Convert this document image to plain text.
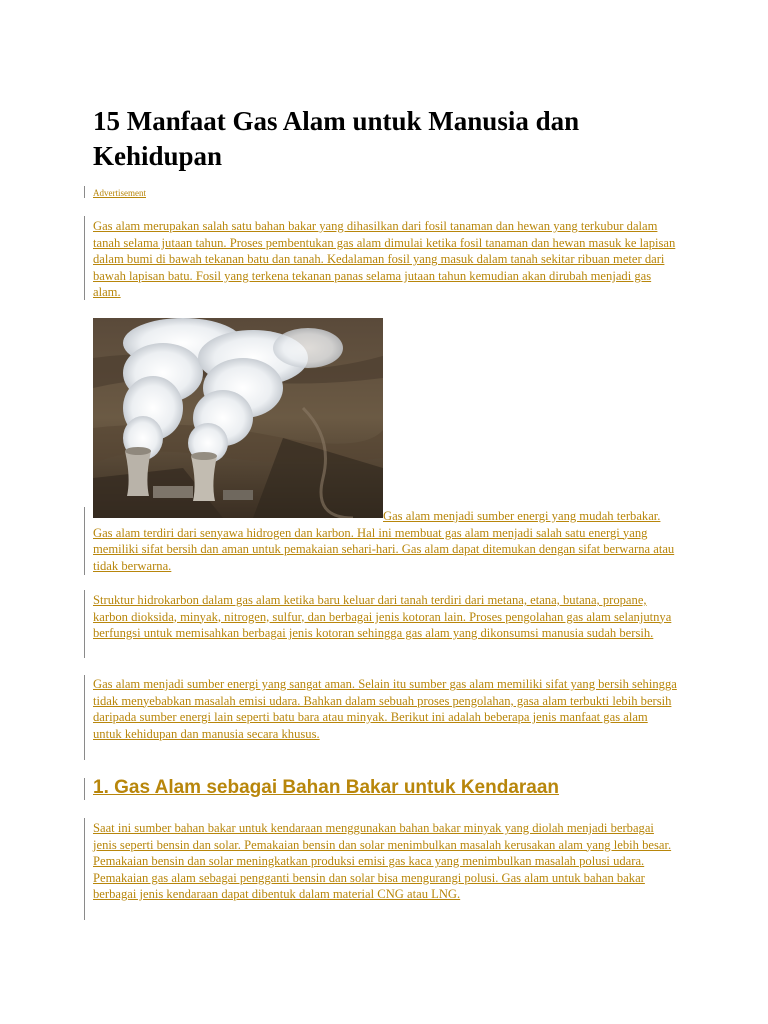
15 Manfaat Gas Alam untuk Manusia dan Kehidupan
Advertisement

Gas alam merupakan salah satu bahan bakar yang dihasilkan dari fosil tanaman dan hewan yang terkubur dalam tanah selama jutaan tahun. Proses pembentukan gas alam dimulai ketika fosil tanaman dan hewan masuk ke lapisan dalam bumi di bawah tekanan batu dan tanah. Kedalaman fosil yang masuk dalam tanah sekitar ribuan meter dari bawah lapisan batu. Fosil yang terkena tekanan panas selama jutaan tahun kemudian akan dirubah menjadi gas alam.

Gas alam menjadi sumber energi yang mudah terbakar. Gas alam terdiri dari senyawa hidrogen dan karbon. Hal ini membuat gas alam menjadi salah satu energi yang memiliki sifat bersih dan aman untuk pemakaian sehari-hari. Gas alam dapat ditemukan dengan sifat berwarna atau tidak berwarna.

Struktur hidrokarbon dalam gas alam ketika baru keluar dari tanah terdiri dari metana, etana, butana, propane, karbon dioksida, minyak, nitrogen, sulfur, dan berbagai jenis kotoran lain. Proses pengolahan gas alam selanjutnya berfungsi untuk memisahkan berbagai jenis kotoran sehingga gas alam yang dikonsumsi manusia sudah bersih.

Gas alam menjadi sumber energi yang sangat aman. Selain itu sumber gas alam memiliki sifat yang bersih sehingga tidak menyebabkan masalah emisi udara. Bahkan dalam sebuah proses pengolahan, gasa alam terbukti lebih bersih daripada sumber energi lain seperti batu bara atau minyak. Berikut ini adalah beberapa jenis manfaat gas alam untuk kehidupan dan manusia secara khusus.

1. Gas Alam sebagai Bahan Bakar untuk Kendaraan

Saat ini sumber bahan bakar untuk kendaraan menggunakan bahan bakar minyak yang diolah menjadi berbagai jenis seperti bensin dan solar. Pemakaian bensin dan solar menimbulkan masalah kerusakan alam yang lebih besar. Pemakaian bensin dan solar meningkatkan produksi emisi gas kaca yang menimbulkan masalah polusi udara. Pemakaian gas alam sebagai pengganti bensin dan solar bisa mengurangi polusi. Gas alam untuk bahan bakar berbagai jenis kendaraan dapat dibentuk dalam material CNG atau LNG.
